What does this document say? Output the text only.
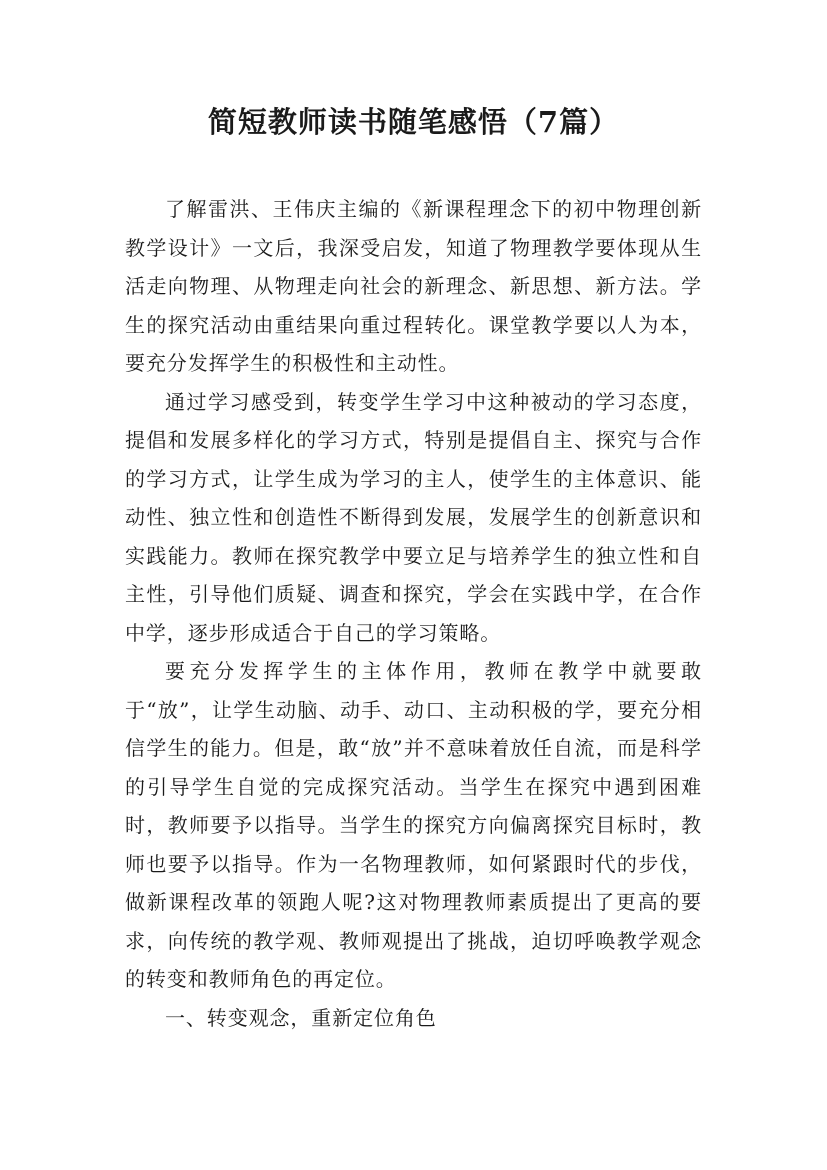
简短教师读书随笔感悟（7篇）

了解雷洪、王伟庆主编的《新课程理念下的初中物理创新教学设计》一文后，我深受启发，知道了物理教学要体现从生活走向物理、从物理走向社会的新理念、新思想、新方法。学生的探究活动由重结果向重过程转化。课堂教学要以人为本，要充分发挥学生的积极性和主动性。

通过学习感受到，转变学生学习中这种被动的学习态度，提倡和发展多样化的学习方式，特别是提倡自主、探究与合作的学习方式，让学生成为学习的主人，使学生的主体意识、能动性、独立性和创造性不断得到发展，发展学生的创新意识和实践能力。教师在探究教学中要立足与培养学生的独立性和自主性，引导他们质疑、调查和探究，学会在实践中学，在合作中学，逐步形成适合于自己的学习策略。

要充分发挥学生的主体作用，教师在教学中就要敢于“放”，让学生动脑、动手、动口、主动积极的学，要充分相信学生的能力。但是，敢“放”并不意味着放任自流，而是科学的引导学生自觉的完成探究活动。当学生在探究中遇到困难时，教师要予以指导。当学生的探究方向偏离探究目标时，教师也要予以指导。作为一名物理教师，如何紧跟时代的步伐，做新课程改革的领跑人呢?这对物理教师素质提出了更高的要求，向传统的教学观、教师观提出了挑战，迫切呼唤教学观念的转变和教师角色的再定位。

一、转变观念，重新定位角色
